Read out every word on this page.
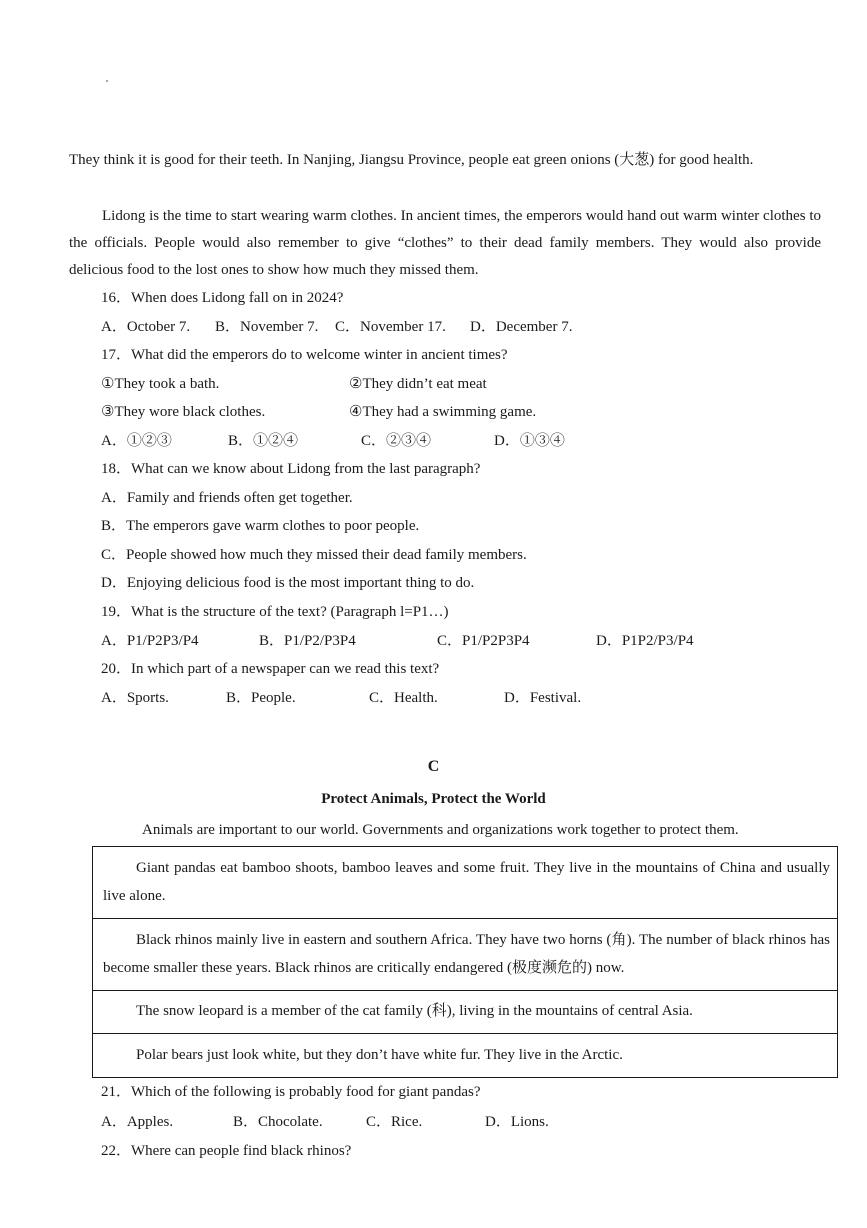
They think it is good for their teeth. In Nanjing, Jiangsu Province, people eat green onions (大葱) for good health.
Lidong is the time to start wearing warm clothes. In ancient times, the emperors would hand out warm winter clothes to the officials. People would also remember to give “clothes” to their dead family members. They would also provide delicious food to the lost ones to show how much they missed them.
16．When does Lidong fall on in 2024?
A．October 7. B．November 7. C．November 17. D．December 7.
17．What did the emperors do to welcome winter in ancient times?
①They took a bath.	②They didn’t eat meat
③They wore black clothes.	④They had a swimming game.
A．①②③	B．①②④	C．②③④	D．①③④
18．What can we know about Lidong from the last paragraph?
A．Family and friends often get together.
B．The emperors gave warm clothes to poor people.
C．People showed how much they missed their dead family members.
D．Enjoying delicious food is the most important thing to do.
19．What is the structure of the text? (Paragraph l=P1…)
A．P1/P2P3/P4	B．P1/P2/P3P4	C．P1/P2P3P4	D．P1P2/P3/P4
20．In which part of a newspaper can we read this text?
A．Sports.	B．People.	C．Health.	D．Festival.
C
Protect Animals, Protect the World
Animals are important to our world. Governments and organizations work together to protect them.
Giant pandas eat bamboo shoots, bamboo leaves and some fruit. They live in the mountains of China and usually live alone.
Black rhinos mainly live in eastern and southern Africa. They have two horns (角). The number of black rhinos has become smaller these years. Black rhinos are critically endangered (极度濒危的) now.
The snow leopard is a member of the cat family (科), living in the mountains of central Asia.
Polar bears just look white, but they don’t have white fur. They live in the Arctic.
21．Which of the following is probably food for giant pandas?
A．Apples.	B．Chocolate.	C．Rice.	D．Lions.
22．Where can people find black rhinos?
